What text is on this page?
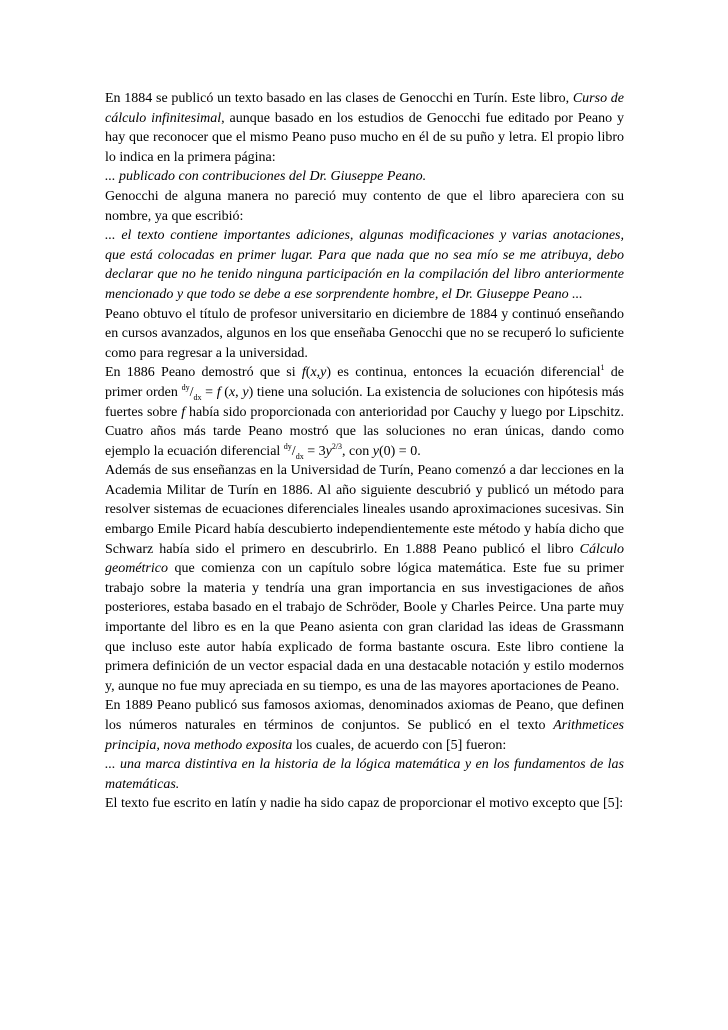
En 1884 se publicó un texto basado en las clases de Genocchi en Turín. Este libro, Curso de cálculo infinitesimal, aunque basado en los estudios de Genocchi fue editado por Peano y hay que reconocer que el mismo Peano puso mucho en él de su puño y letra. El propio libro lo indica en la primera página:

... publicado con contribuciones del Dr. Giuseppe Peano.

Genocchi de alguna manera no pareció muy contento de que el libro apareciera con su nombre, ya que escribió:

... el texto contiene importantes adiciones, algunas modificaciones y varias anotaciones, que está colocadas en primer lugar. Para que nada que no sea mío se me atribuya, debo declarar que no he tenido ninguna participación en la compilación del libro anteriormente mencionado y que todo se debe a ese sorprendente hombre, el Dr. Giuseppe Peano ...

Peano obtuvo el título de profesor universitario en diciembre de 1884 y continuó enseñando en cursos avanzados, algunos en los que enseñaba Genocchi que no se recuperó lo suficiente como para regresar a la universidad.

En 1886 Peano demostró que si f(x,y) es continua, entonces la ecuación diferencial$^1$ de primer orden $^{dy}/_{dx} = f$ (x, y) tiene una solución. La existencia de soluciones con hipótesis más fuertes sobre f había sido proporcionada con anterioridad por Cauchy y luego por Lipschitz. Cuatro años más tarde Peano mostró que las soluciones no eran únicas, dando como ejemplo la ecuación diferencial $^{dy}/_{dx} = 3y^{2/3}$, con y(0) = 0.

Además de sus enseñanzas en la Universidad de Turín, Peano comenzó a dar lecciones en la Academia Militar de Turín en 1886. Al año siguiente descubrió y publicó un método para resolver sistemas de ecuaciones diferenciales lineales usando aproximaciones sucesivas. Sin embargo Emile Picard había descubierto independientemente este método y había dicho que Schwarz había sido el primero en descubrirlo. En 1.888 Peano publicó el libro Cálculo geométrico que comienza con un capítulo sobre lógica matemática. Este fue su primer trabajo sobre la materia y tendría una gran importancia en sus investigaciones de años posteriores, estaba basado en el trabajo de Schröder, Boole y Charles Peirce. Una parte muy importante del libro es en la que Peano asienta con gran claridad las ideas de Grassmann que incluso este autor había explicado de forma bastante oscura. Este libro contiene la primera definición de un vector espacial dada en una destacable notación y estilo modernos y, aunque no fue muy apreciada en su tiempo, es una de las mayores aportaciones de Peano.

En 1889 Peano publicó sus famosos axiomas, denominados axiomas de Peano, que definen los números naturales en términos de conjuntos. Se publicó en el texto Arithmetices principia, nova methodo exposita los cuales, de acuerdo con [5] fueron:

... una marca distintiva en la historia de la lógica matemática y en los fundamentos de las matemáticas.

El texto fue escrito en latín y nadie ha sido capaz de proporcionar el motivo excepto que [5]:
